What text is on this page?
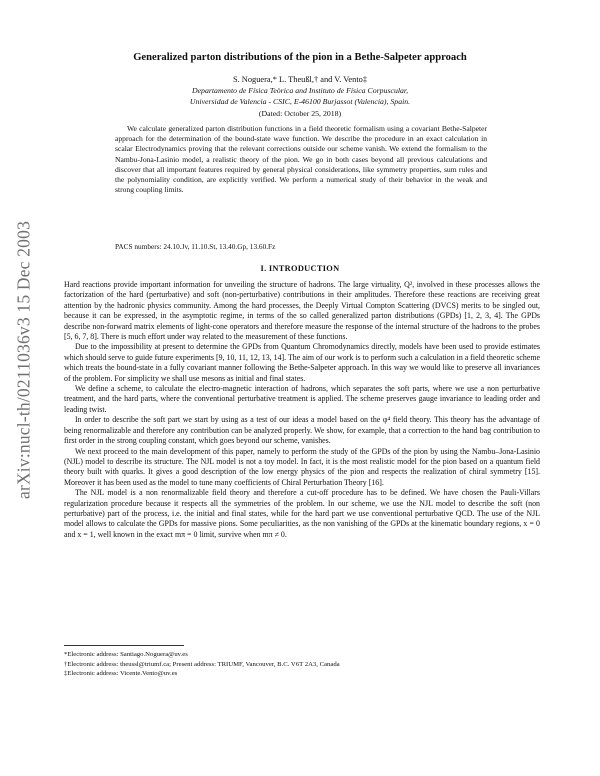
arXiv:nucl-th/0211036v3 15 Dec 2003
Generalized parton distributions of the pion in a Bethe-Salpeter approach
S. Noguera,* L. Theußl,† and V. Vento‡
Departamento de Física Teòrica and Instituto de Física Corpuscular,
Universidad de Valencia - CSIC, E-46100 Burjassot (Valencia), Spain.
(Dated: October 25, 2018)

We calculate generalized parton distribution functions in a field theoretic formalism using a covariant Bethe-Salpeter approach for the determination of the bound-state wave function. We describe the procedure in an exact calculation in scalar Electrodynamics proving that the relevant corrections outside our scheme vanish. We extend the formalism to the Nambu-Jona-Lasinio model, a realistic theory of the pion. We go in both cases beyond all previous calculations and discover that all important features required by general physical considerations, like symmetry properties, sum rules and the polynomiality condition, are explicitly verified. We perform a numerical study of their behavior in the weak and strong coupling limits.

PACS numbers: 24.10.Jv, 11.10.St, 13.40.Gp, 13.60.Fz
I. INTRODUCTION

Hard reactions provide important information for unveiling the structure of hadrons. The large virtuality, Q², involved in these processes allows the factorization of the hard (perturbative) and soft (non-perturbative) contributions in their amplitudes. Therefore these reactions are receiving great attention by the hadronic physics community. Among the hard processes, the Deeply Virtual Compton Scattering (DVCS) merits to be singled out, because it can be expressed, in the asymptotic regime, in terms of the so called generalized parton distributions (GPDs) [1, 2, 3, 4]. The GPDs describe non-forward matrix elements of light-cone operators and therefore measure the response of the internal structure of the hadrons to the probes [5, 6, 7, 8]. There is much effort under way related to the measurement of these functions.

Due to the impossibility at present to determine the GPDs from Quantum Chromodynamics directly, models have been used to provide estimates which should serve to guide future experiments [9, 10, 11, 12, 13, 14]. The aim of our work is to perform such a calculation in a field theoretic scheme which treats the bound-state in a fully covariant manner following the Bethe-Salpeter approach. In this way we would like to preserve all invariances of the problem. For simplicity we shall use mesons as initial and final states.

We define a scheme, to calculate the electro-magnetic interaction of hadrons, which separates the soft parts, where we use a non perturbative treatment, and the hard parts, where the conventional perturbative treatment is applied. The scheme preserves gauge invariance to leading order and leading twist.

In order to describe the soft part we start by using as a test of our ideas a model based on the φ⁴ field theory. This theory has the advantage of being renormalizable and therefore any contribution can be analyzed properly. We show, for example, that a correction to the hand bag contribution to first order in the strong coupling constant, which goes beyond our scheme, vanishes.

We next proceed to the main development of this paper, namely to perform the study of the GPDs of the pion by using the Nambu–Jona-Lasinio (NJL) model to describe its structure. The NJL model is not a toy model. In fact, it is the most realistic model for the pion based on a quantum field theory built with quarks. It gives a good description of the low energy physics of the pion and respects the realization of chiral symmetry [15]. Moreover it has been used as the model to tune many coefficients of Chiral Perturbation Theory [16].

The NJL model is a non renormalizable field theory and therefore a cut-off procedure has to be defined. We have chosen the Pauli-Villars regularization procedure because it respects all the symmetries of the problem. In our scheme, we use the NJL model to describe the soft (non perturbative) part of the process, i.e. the initial and final states, while for the hard part we use conventional perturbative QCD. The use of the NJL model allows to calculate the GPDs for massive pions. Some peculiarities, as the non vanishing of the GPDs at the kinematic boundary regions, x = 0 and x = 1, well known in the exact mπ = 0 limit, survive when mπ ≠ 0.

*Electronic address: Santiago.Noguera@uv.es
†Electronic address: theussl@triumf.ca; Present address: TRIUMF, Vancouver, B.C. V6T 2A3, Canada
‡Electronic address: Vicente.Vento@uv.es
